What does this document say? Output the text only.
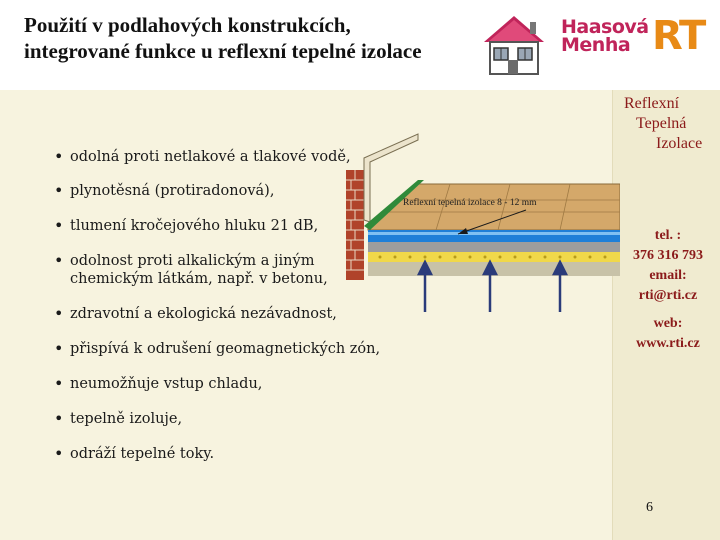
Použití v podlahových konstrukcích,
integrované funkce u reflexní tepelné izolace
Haasová
Menha RT
Reflexní
Tepelná
Izolace
tel. :
376 316 793
email:
rti@rti.cz
web:
www.rti.cz
• odolná proti netlakové a tlakové vodě,
• plynotěsná (protiradonová),
• tlumení kročejového hluku 21 dB,
• odolnost proti alkalickým a jiným chemickým látkám, např. v betonu,
• zdravotní a ekologická nezávadnost,
• přispívá k odrušení geomagnetických zón,
• neumožňuje vstup chladu,
• tepelně izoluje,
• odráží tepelné toky.
Reflexní tepelná izolace 8 - 12 mm
6
